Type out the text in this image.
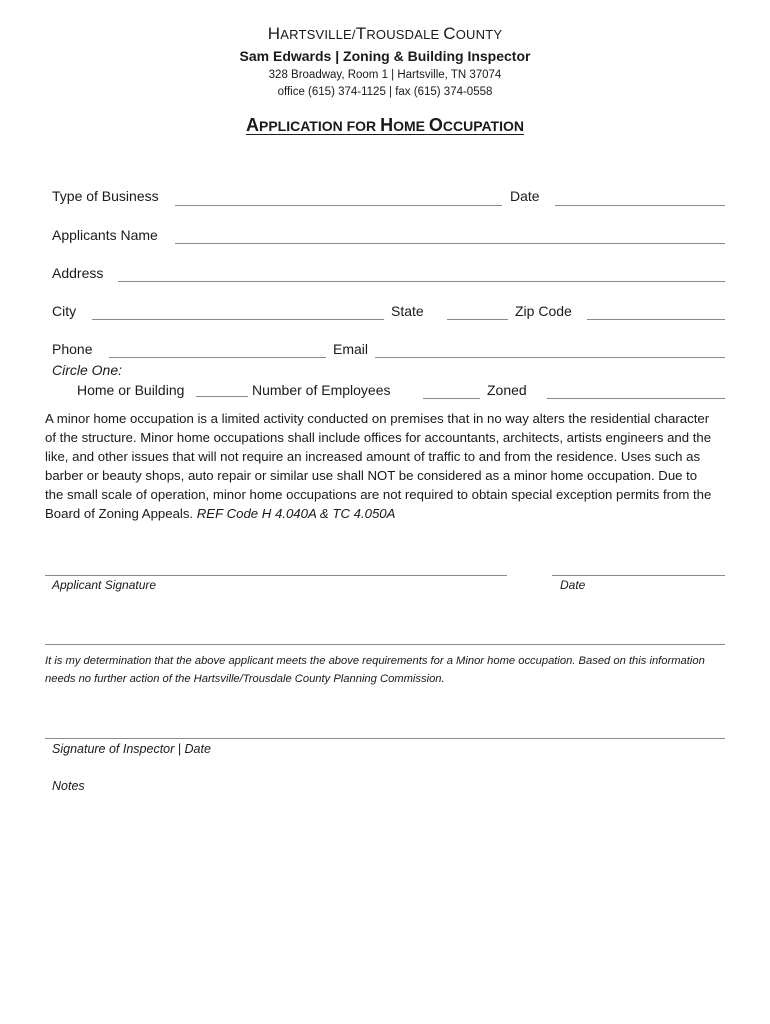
HARTSVILLE/TROUSDALE COUNTY
Sam Edwards | Zoning & Building Inspector
328 Broadway, Room 1 | Hartsville, TN 37074
office (615) 374-1125 | fax (615) 374-0558
APPLICATION FOR HOME OCCUPATION
Type of Business	Date
Applicants Name
Address
City	State	Zip Code
Phone	Email
Circle One:
Home or Building	Number of Employees	Zoned
A minor home occupation is a limited activity conducted on premises that in no way alters the residential character of the structure. Minor home occupations shall include offices for accountants, architects, artists engineers and the like, and other issues that will not require an increased amount of traffic to and from the residence. Uses such as barber or beauty shops, auto repair or similar use shall NOT be considered as a minor home occupation. Due to the small scale of operation, minor home occupations are not required to obtain special exception permits from the Board of Zoning Appeals. REF Code H 4.040A & TC 4.050A
Applicant Signature	Date
It is my determination that the above applicant meets the above requirements for a Minor home occupation. Based on this information needs no further action of the Hartsville/Trousdale County Planning Commission.
Signature of Inspector | Date
Notes
